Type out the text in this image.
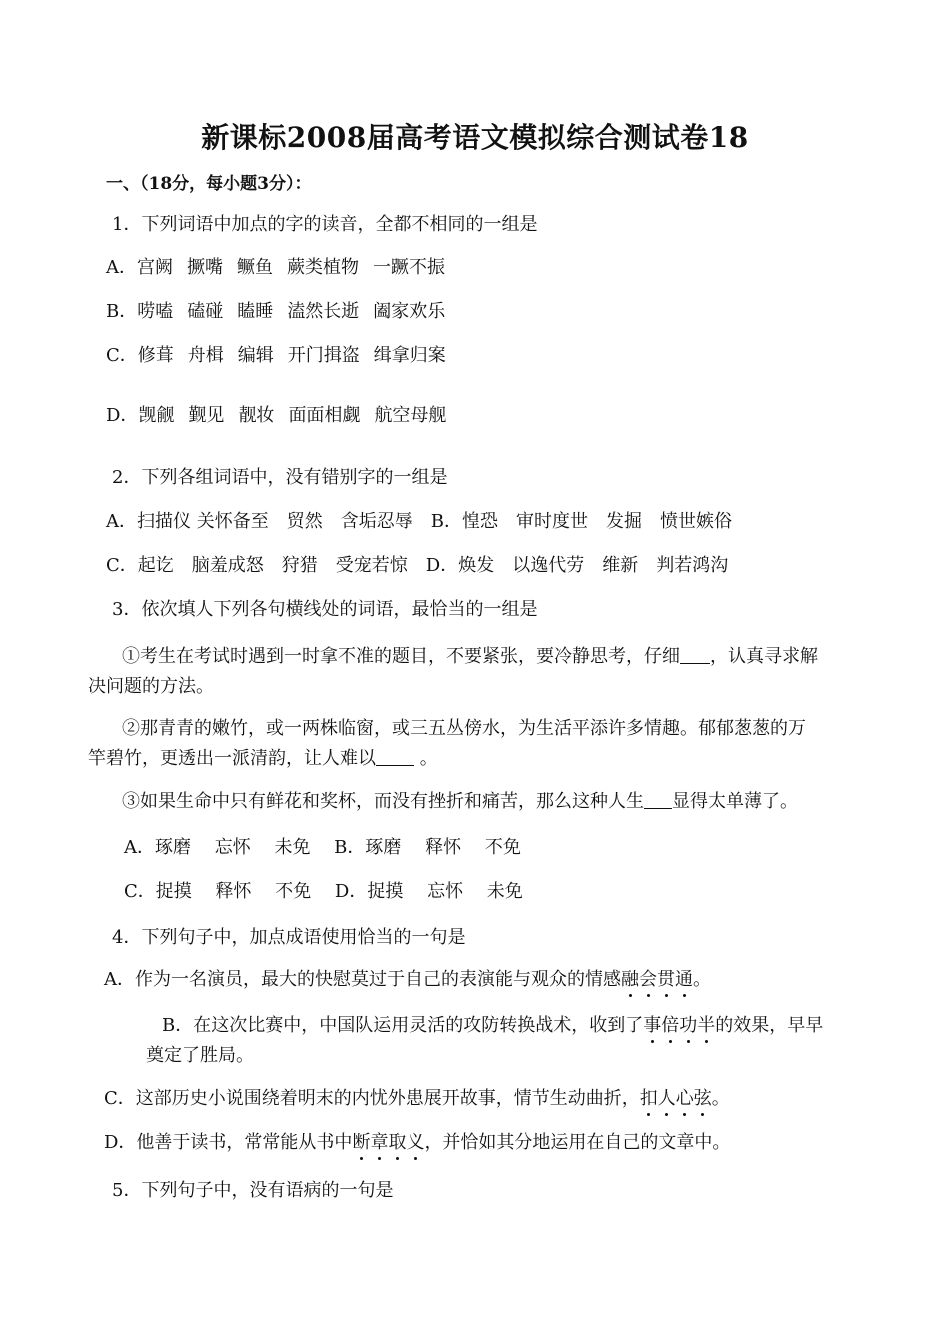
新课标2008届高考语文模拟综合测试卷18
一、（18分，每小题3分）：
1．下列词语中加点的字的读音，全都不相同的一组是
A．宫阙 撅嘴 鳜鱼 蕨类植物 一蹶不振
B．唠嗑 磕碰 瞌睡 溘然长逝 阖家欢乐
C．修葺 舟楫 编辑 开门揖盗 缉拿归案
D．觊觎 觐见 靓妆 面面相觑 航空母舰
2．下列各组词语中，没有错别字的一组是
A．扫描仪 关怀备至　贸然　含垢忍辱　B．惶恐　审时度世　发掘　愤世嫉俗
C．起讫　脑羞成怒　狩猎　受宠若惊　D．焕发　以逸代劳　维新　判若鸿沟
3．依次填人下列各句横线处的词语，最恰当的一组是
①考生在考试时遇到一时拿不准的题目，不要紧张，要冷静思考，仔细 ，认真寻求解
决问题的方法。
②那青青的嫩竹，或一两株临窗，或三五丛傍水，为生活平添许多情趣。郁郁葱葱的万
竿碧竹，更透出一派清韵，让人难以 。
③如果生命中只有鲜花和奖杯，而没有挫折和痛苦，那么这种人生 显得太单薄了。
A．琢磨　 忘怀　 未免　 B．琢磨　 释怀　 不免
C．捉摸　 释怀　 不免　 D．捉摸　 忘怀　 未免
4．下列句子中，加点成语使用恰当的一句是
A．作为一名演员，最大的快慰莫过于自己的表演能与观众的情感融会贯通。
B．在这次比赛中，中国队运用灵活的攻防转换战术，收到了事倍功半的效果，早早
奠定了胜局。
C．这部历史小说围绕着明末的内忧外患展开故事，情节生动曲折，扣人心弦。
D．他善于读书，常常能从书中断章取义，并恰如其分地运用在自己的文章中。
5．下列句子中，没有语病的一句是
